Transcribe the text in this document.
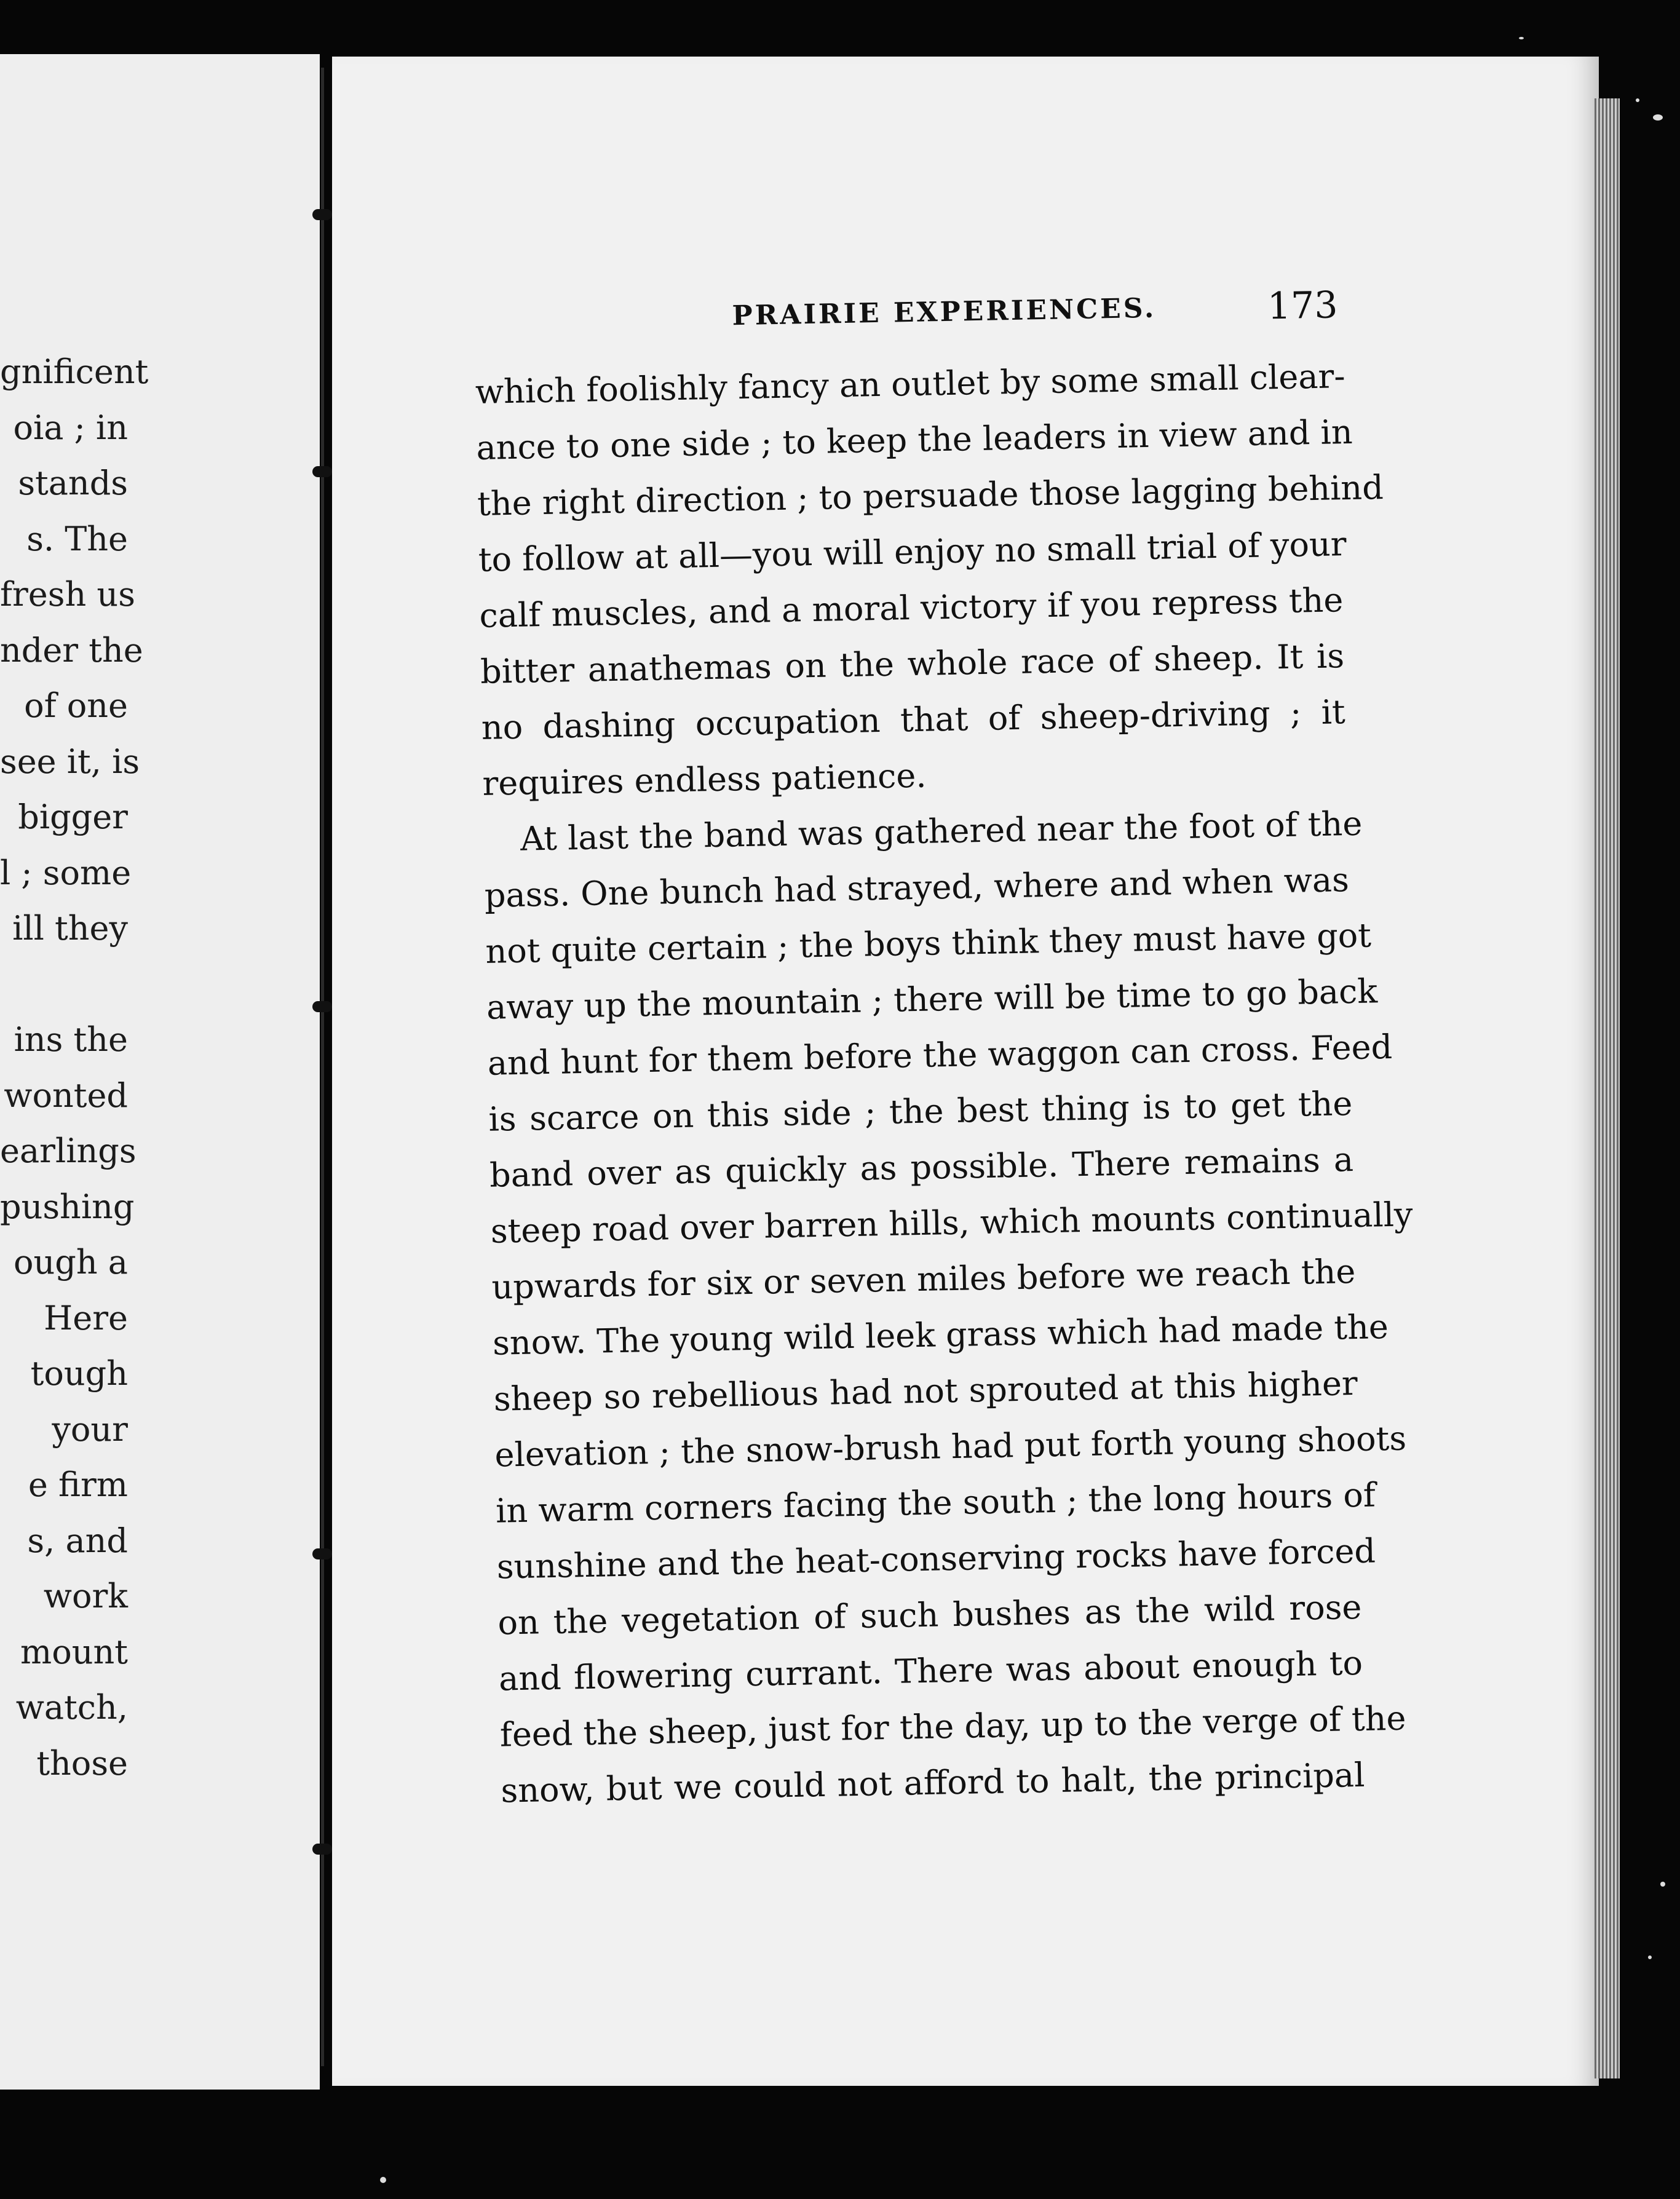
gnificent
oia ; in
stands
s. The
fresh us
nder the
of one
see it, is
bigger
l ; some
ill they
ins the
wonted
earlings
pushing
ough a
Here
tough
your
e firm
s, and
work
mount
watch,
those
PRAIRIE EXPERIENCES.	173
which foolishly fancy an outlet by some small clear-
ance to one side ; to keep the leaders in view and in
the right direction ; to persuade those lagging behind
to follow at all—you will enjoy no small trial of your
calf muscles, and a moral victory if you repress the
bitter anathemas on the whole race of sheep. It is
no dashing occupation that of sheep-driving ; it
requires endless patience.
At last the band was gathered near the foot of the
pass. One bunch had strayed, where and when was
not quite certain ; the boys think they must have got
away up the mountain ; there will be time to go back
and hunt for them before the waggon can cross. Feed
is scarce on this side ; the best thing is to get the
band over as quickly as possible. There remains a
steep road over barren hills, which mounts continually
upwards for six or seven miles before we reach the
snow. The young wild leek grass which had made the
sheep so rebellious had not sprouted at this higher
elevation ; the snow-brush had put forth young shoots
in warm corners facing the south ; the long hours of
sunshine and the heat-conserving rocks have forced
on the vegetation of such bushes as the wild rose
and flowering currant. There was about enough to
feed the sheep, just for the day, up to the verge of the
snow, but we could not afford to halt, the principal
